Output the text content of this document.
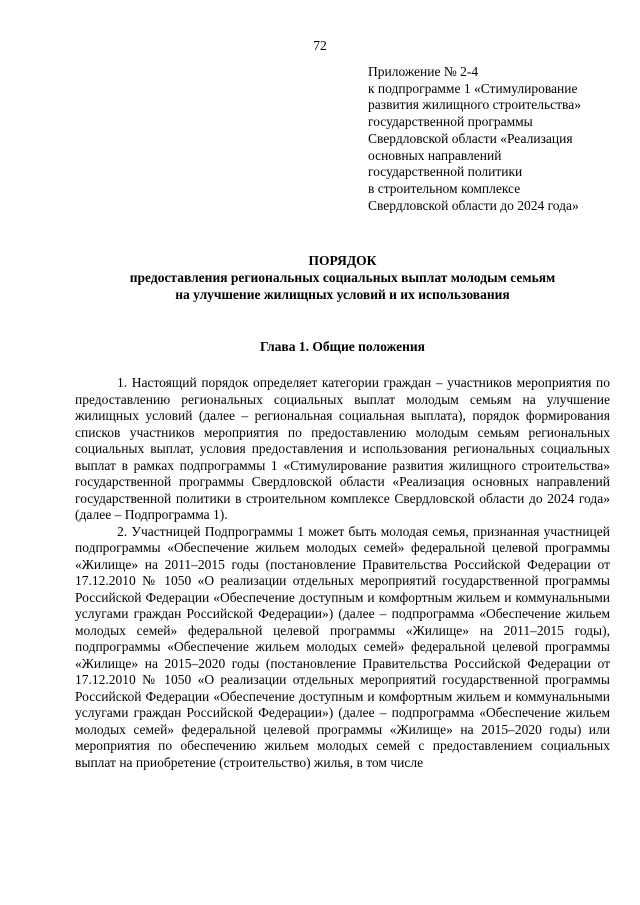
72
Приложение № 2-4
к подпрограмме 1 «Стимулирование
развития жилищного строительства»
государственной программы
Свердловской области «Реализация
основных направлений
государственной политики
в строительном комплексе
Свердловской области до 2024 года»
ПОРЯДОК
предоставления региональных социальных выплат молодым семьям
на улучшение жилищных условий и их использования
Глава 1. Общие положения

1. Настоящий порядок определяет категории граждан – участников мероприятия по предоставлению региональных социальных выплат молодым семьям на улучшение жилищных условий (далее – региональная социальная выплата), порядок формирования списков участников мероприятия по предоставлению молодым семьям региональных социальных выплат, условия предоставления и использования региональных социальных выплат в рамках подпрограммы 1 «Стимулирование развития жилищного строительства» государственной программы Свердловской области «Реализация основных направлений государственной политики в строительном комплексе Свердловской области до 2024 года» (далее – Подпрограмма 1).

2. Участницей Подпрограммы 1 может быть молодая семья, признанная участницей подпрограммы «Обеспечение жильем молодых семей» федеральной целевой программы «Жилище» на 2011–2015 годы (постановление Правительства Российской Федерации от 17.12.2010 № 1050 «О реализации отдельных мероприятий государственной программы Российской Федерации «Обеспечение доступным и комфортным жильем и коммунальными услугами граждан Российской Федерации») (далее – подпрограмма «Обеспечение жильем молодых семей» федеральной целевой программы «Жилище» на 2011–2015 годы), подпрограммы «Обеспечение жильем молодых семей» федеральной целевой программы «Жилище» на 2015–2020 годы (постановление Правительства Российской Федерации от 17.12.2010 № 1050 «О реализации отдельных мероприятий государственной программы Российской Федерации «Обеспечение доступным и комфортным жильем и коммунальными услугами граждан Российской Федерации») (далее – подпрограмма «Обеспечение жильем молодых семей» федеральной целевой программы «Жилище» на 2015–2020 годы) или мероприятия по обеспечению жильем молодых семей с предоставлением социальных выплат на приобретение (строительство) жилья, в том числе
